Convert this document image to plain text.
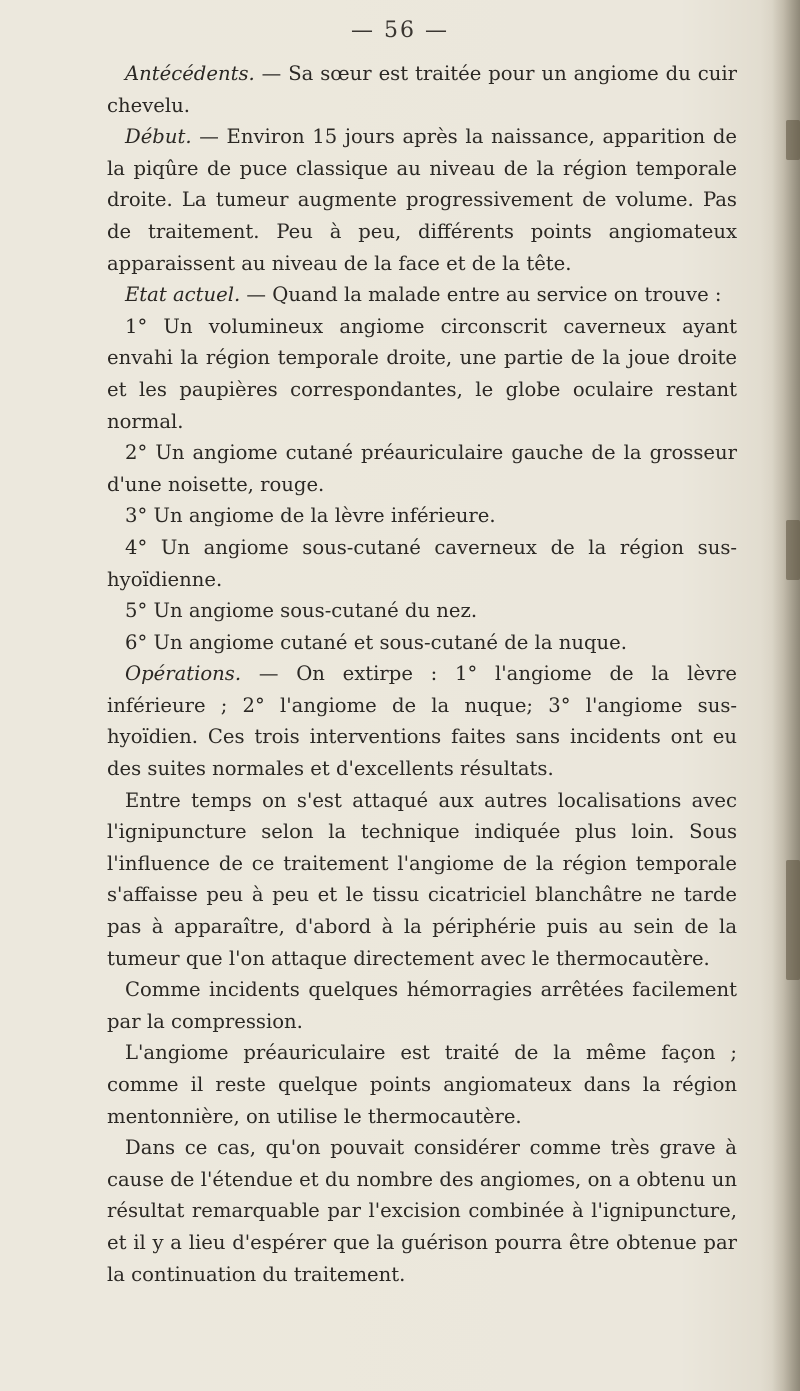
— 56 —

Antécédents. — Sa sœur est traitée pour un angiome du cuir chevelu.

Début. — Environ 15 jours après la naissance, apparition de la piqûre de puce classique au niveau de la région temporale droite. La tumeur augmente progressivement de volume. Pas de traitement. Peu à peu, différents points angiomateux apparaissent au niveau de la face et de la tête.

Etat actuel. — Quand la malade entre au service on trouve :

1° Un volumineux angiome circonscrit caverneux ayant envahi la région temporale droite, une partie de la joue droite et les paupières correspondantes, le globe oculaire restant normal.

2° Un angiome cutané préauriculaire gauche de la grosseur d'une noisette, rouge.

3° Un angiome de la lèvre inférieure.

4° Un angiome sous-cutané caverneux de la région sus-hyoïdienne.

5° Un angiome sous-cutané du nez.

6° Un angiome cutané et sous-cutané de la nuque.

Opérations. — On extirpe : 1° l'angiome de la lèvre inférieure ; 2° l'angiome de la nuque; 3° l'angiome sus-hyoïdien. Ces trois interventions faites sans incidents ont eu des suites normales et d'excellents résultats.

Entre temps on s'est attaqué aux autres localisations avec l'ignipuncture selon la technique indiquée plus loin. Sous l'influence de ce traitement l'angiome de la région temporale s'affaisse peu à peu et le tissu cicatriciel blanchâtre ne tarde pas à apparaître, d'abord à la périphérie puis au sein de la tumeur que l'on attaque directement avec le thermocautère.

Comme incidents quelques hémorragies arrêtées facilement par la compression.

L'angiome préauriculaire est traité de la même façon ; comme il reste quelque points angiomateux dans la région mentonnière, on utilise le thermocautère.

Dans ce cas, qu'on pouvait considérer comme très grave à cause de l'étendue et du nombre des angiomes, on a obtenu un résultat remarquable par l'excision combinée à l'ignipuncture, et il y a lieu d'espérer que la guérison pourra être obtenue par la continuation du traitement.
